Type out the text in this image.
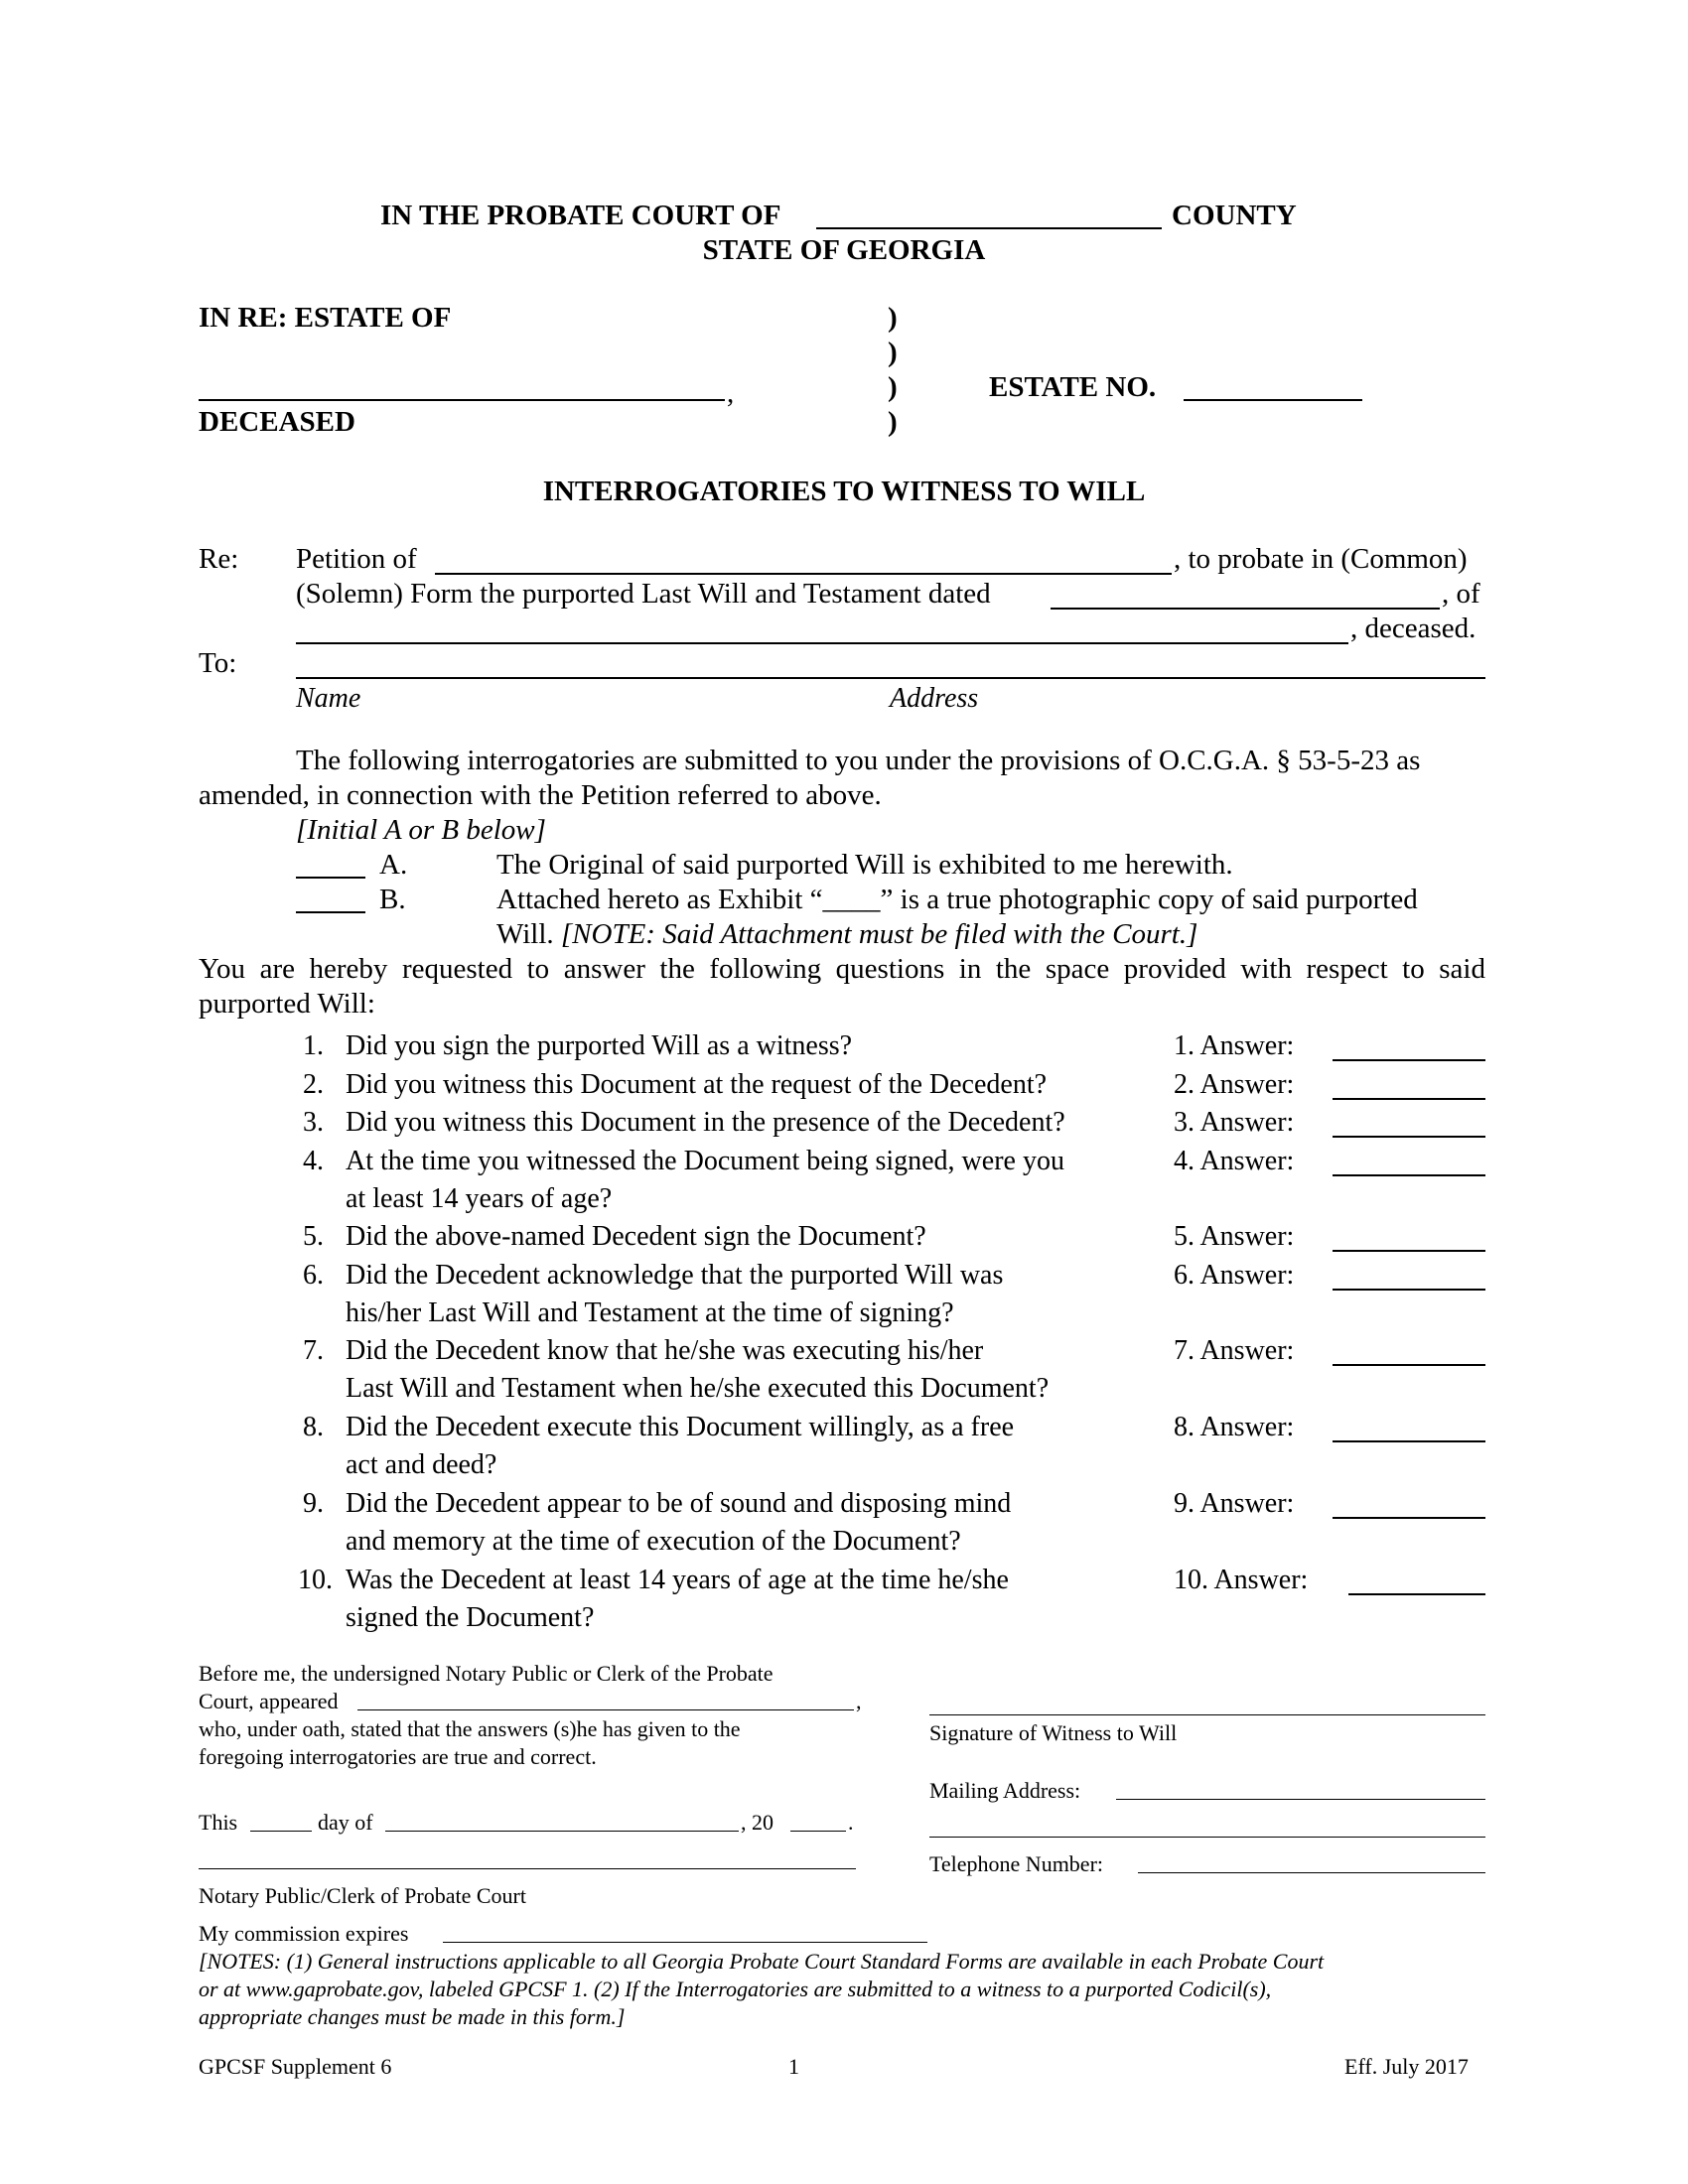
IN THE PROBATE COURT OF	COUNTY
STATE OF GEORGIA
IN RE: ESTATE OF	)
)
)
)
,
DECEASED
ESTATE NO.
INTERROGATORIES TO WITNESS TO WILL
Re: Petition of	, to probate in (Common)
(Solemn) Form the purported Last Will and Testament dated	, of
, deceased.
To:
Name	Address
The following interrogatories are submitted to you under the provisions of O.C.G.A. § 53-5-23 as
amended, in connection with the Petition referred to above.
[Initial A or B below]
A.	The Original of said purported Will is exhibited to me herewith.
B.	Attached hereto as Exhibit “____” is a true photographic copy of said purported
Will. [NOTE: Said Attachment must be filed with the Court.]
You are hereby requested to answer the following questions in the space provided with respect to said
purported Will:
1. Did you sign the purported Will as a witness?	1. Answer:
2. Did you witness this Document at the request of the Decedent?	2. Answer:
3. Did you witness this Document in the presence of the Decedent?	3. Answer:
4. At the time you witnessed the Document being signed, were you
at least 14 years of age?
4. Answer:
5. Did the above-named Decedent sign the Document?	5. Answer:
6. Did the Decedent acknowledge that the purported Will was
his/her Last Will and Testament at the time of signing?
6. Answer:
7. Did the Decedent know that he/she was executing his/her
Last Will and Testament when he/she executed this Document?
7. Answer:
8. Did the Decedent execute this Document willingly, as a free
act and deed?
8. Answer:
9. Did the Decedent appear to be of sound and disposing mind
and memory at the time of execution of the Document?
9. Answer:
10. Was the Decedent at least 14 years of age at the time he/she
signed the Document?
10. Answer:
Before me, the undersigned Notary Public or Clerk of the Probate
Court, appeared	,
who, under oath, stated that the answers (s)he has given to the
foregoing interrogatories are true and correct.
This	day of	, 20	.
Notary Public/Clerk of Probate Court
My commission expires
Signature of Witness to Will
Mailing Address:
Telephone Number:
[NOTES: (1) General instructions applicable to all Georgia Probate Court Standard Forms are available in each Probate Court
or at www.gaprobate.gov, labeled GPCSF 1. (2) If the Interrogatories are submitted to a witness to a purported Codicil(s),
appropriate changes must be made in this form.]
GPCSF Supplement 6	1	Eff. July 2017
